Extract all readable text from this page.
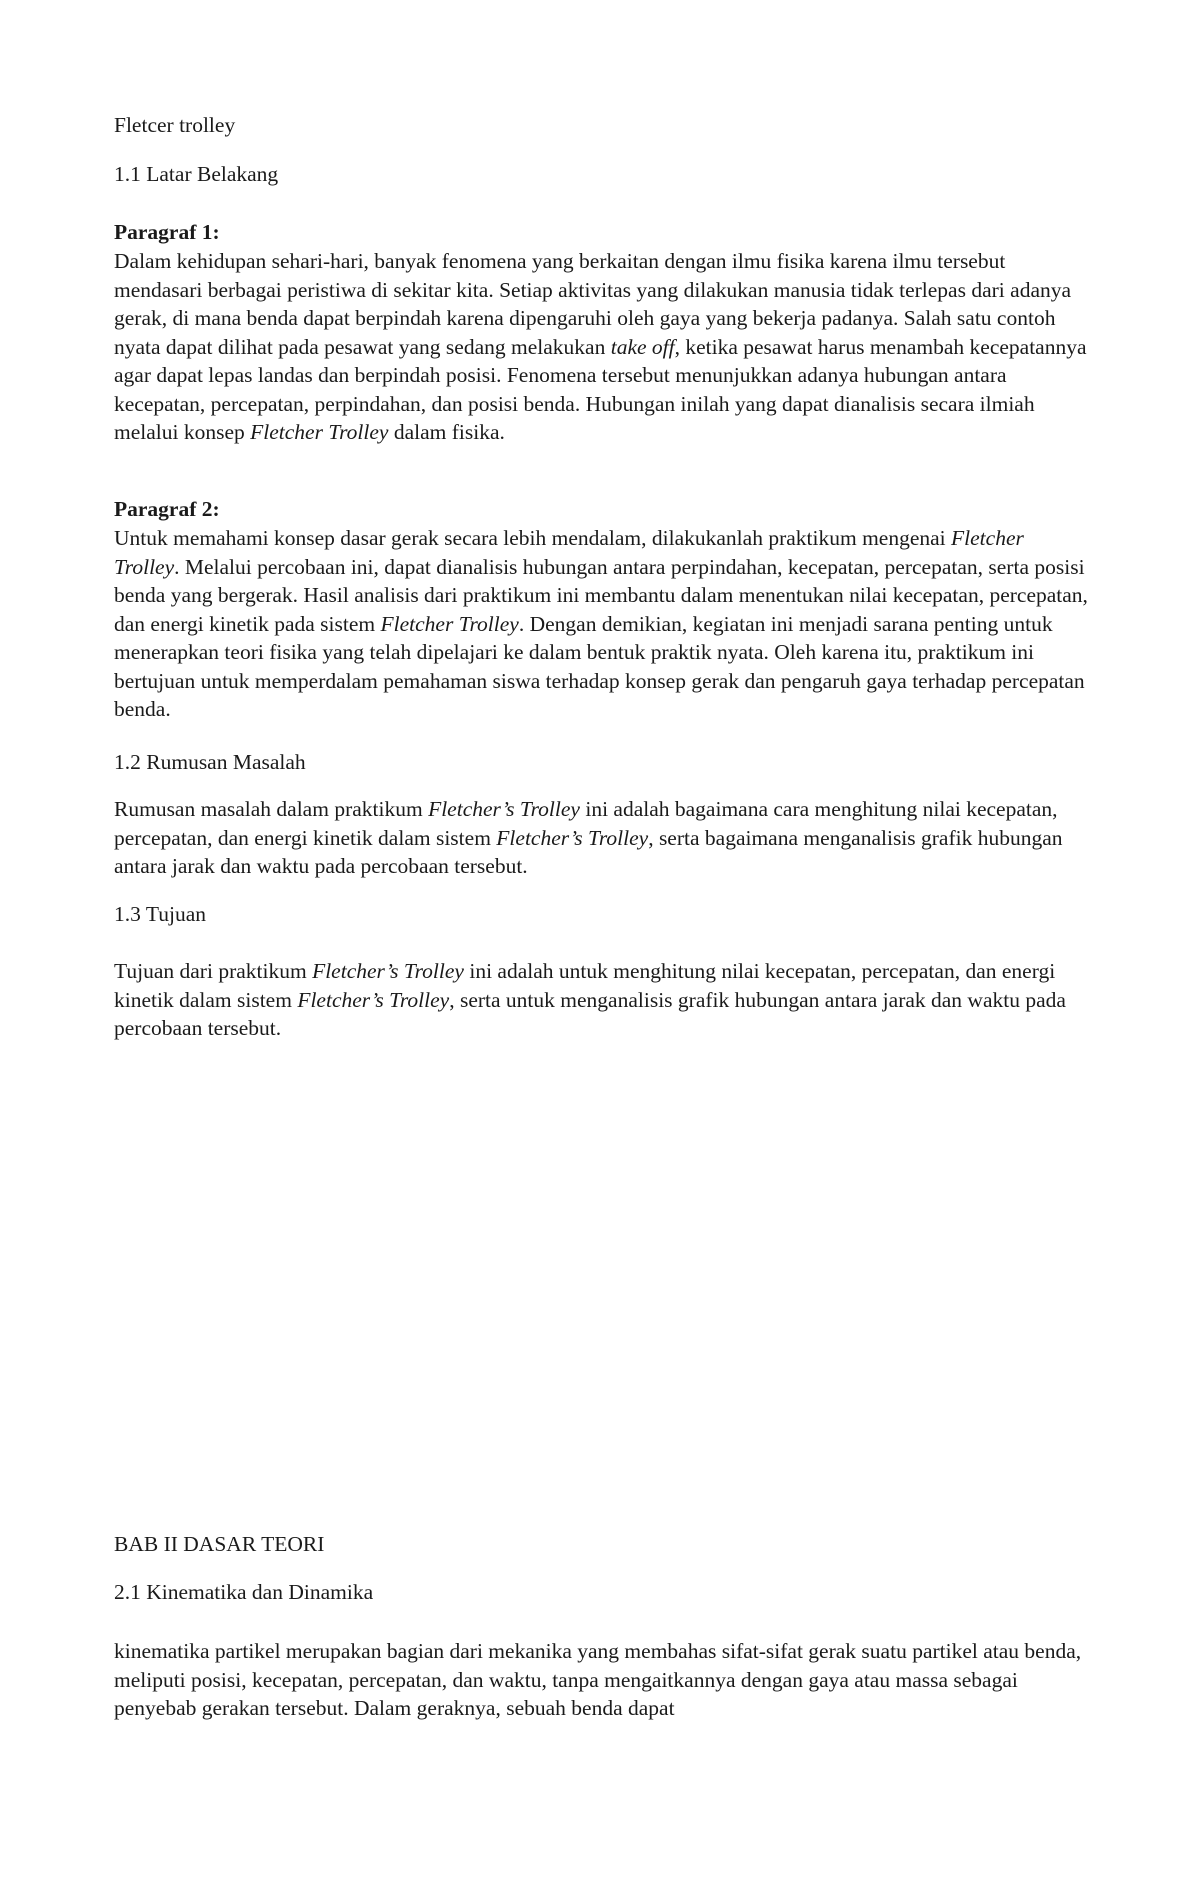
Fletcer trolley

1.1 Latar Belakang

Paragraf 1:

Dalam kehidupan sehari-hari, banyak fenomena yang berkaitan dengan ilmu fisika karena ilmu tersebut mendasari berbagai peristiwa di sekitar kita. Setiap aktivitas yang dilakukan manusia tidak terlepas dari adanya gerak, di mana benda dapat berpindah karena dipengaruhi oleh gaya yang bekerja padanya. Salah satu contoh nyata dapat dilihat pada pesawat yang sedang melakukan take off, ketika pesawat harus menambah kecepatannya agar dapat lepas landas dan berpindah posisi. Fenomena tersebut menunjukkan adanya hubungan antara kecepatan, percepatan, perpindahan, dan posisi benda. Hubungan inilah yang dapat dianalisis secara ilmiah melalui konsep Fletcher Trolley dalam fisika.

Paragraf 2:

Untuk memahami konsep dasar gerak secara lebih mendalam, dilakukanlah praktikum mengenai Fletcher Trolley. Melalui percobaan ini, dapat dianalisis hubungan antara perpindahan, kecepatan, percepatan, serta posisi benda yang bergerak. Hasil analisis dari praktikum ini membantu dalam menentukan nilai kecepatan, percepatan, dan energi kinetik pada sistem Fletcher Trolley. Dengan demikian, kegiatan ini menjadi sarana penting untuk menerapkan teori fisika yang telah dipelajari ke dalam bentuk praktik nyata. Oleh karena itu, praktikum ini bertujuan untuk memperdalam pemahaman siswa terhadap konsep gerak dan pengaruh gaya terhadap percepatan benda.

1.2 Rumusan Masalah

Rumusan masalah dalam praktikum Fletcher’s Trolley ini adalah bagaimana cara menghitung nilai kecepatan, percepatan, dan energi kinetik dalam sistem Fletcher’s Trolley, serta bagaimana menganalisis grafik hubungan antara jarak dan waktu pada percobaan tersebut.

1.3 Tujuan

Tujuan dari praktikum Fletcher’s Trolley ini adalah untuk menghitung nilai kecepatan, percepatan, dan energi kinetik dalam sistem Fletcher’s Trolley, serta untuk menganalisis grafik hubungan antara jarak dan waktu pada percobaan tersebut.

BAB II DASAR TEORI

2.1 Kinematika dan Dinamika

kinematika partikel merupakan bagian dari mekanika yang membahas sifat-sifat gerak suatu partikel atau benda, meliputi posisi, kecepatan, percepatan, dan waktu, tanpa mengaitkannya dengan gaya atau massa sebagai penyebab gerakan tersebut. Dalam geraknya, sebuah benda dapat
